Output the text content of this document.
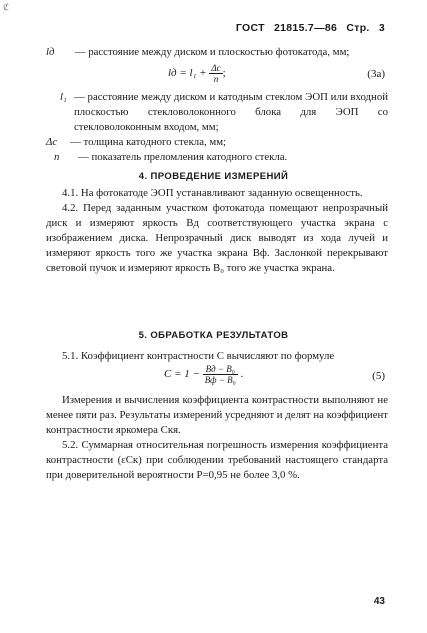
ℭ
ГОСТ 21815.7—86 Стр. 3
lд — расстояние между диском и плоскостью фотокатода, мм;
lд = $l_1 + \frac{\Delta c}{n}$ ;	(3a)
l₁ — расстояние между диском и катодным стеклом ЭОП или входной плоскостью стекловолоконного блока для ЭОП со стекловолоконным входом, мм;
Δc	— толщина катодного стекла, мм;
n	— показатель преломления катодного стекла.
4. ПРОВЕДЕНИЕ ИЗМЕРЕНИЙ
4.1. На фотокатоде ЭОП устанавливают заданную освещенность.
4.2. Перед заданным участком фотокатода помещают непрозрачный диск и измеряют яркость Bд соответствующего участка экрана с изображением диска. Непрозрачный диск выводят из хода лучей и измеряют яркость того же участка экрана Bф. Заслонкой перекрывают световой пучок и измеряют яркость B₀ того же участка экрана.
5. ОБРАБОТКА РЕЗУЛЬТАТОВ
5.1. Коэффициент контрастности C вычисляют по формуле
$C = 1 - \frac{\text{Bд − B₀}}{\text{Bф − B₀}}$ .	(5)
Измерения и вычисления коэффициента контрастности выполняют не менее пяти раз. Результаты измерений усредняют и делят на коэффициент контрастности яркомера Cкя.
5.2. Суммарная относительная погрешность измерения коэффициента контрастности (εCк) при соблюдении требований настоящего стандарта при доверительной вероятности P=0,95 не более 3,0 %.
43
